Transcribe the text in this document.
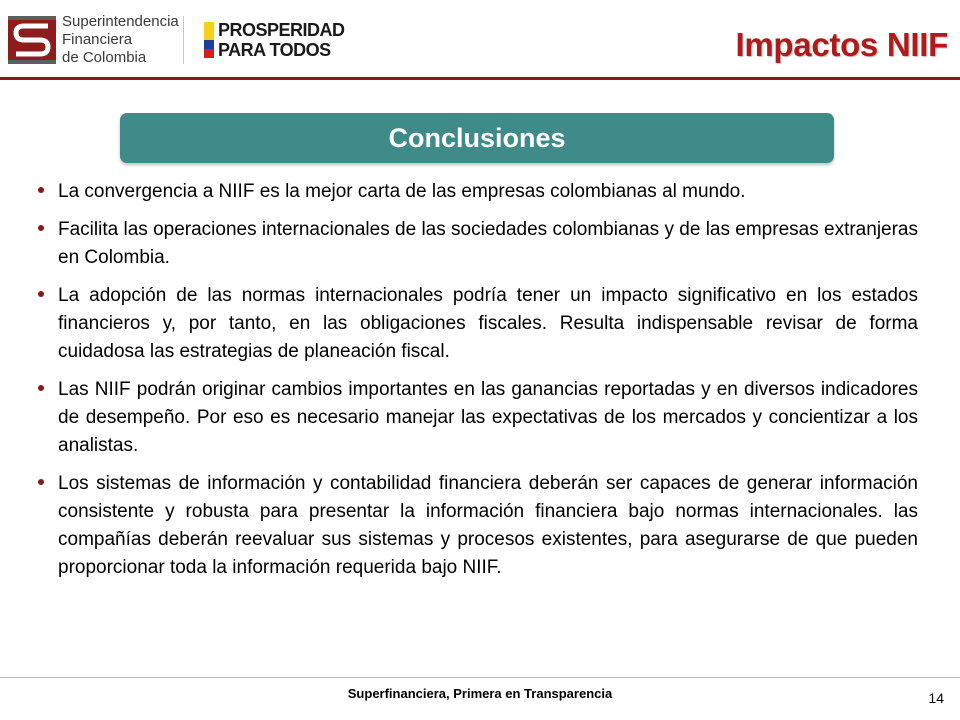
Superintendencia
Financiera
de Colombia
PROSPERIDAD
PARA TODOS	Impactos NIIF
Conclusiones
La convergencia a NIIF es la mejor carta de las empresas colombianas al mundo.
Facilita las operaciones internacionales de las sociedades colombianas y de las empresas extranjeras en Colombia.
La adopción de las normas internacionales podría tener un impacto significativo en los estados financieros y, por tanto, en las obligaciones fiscales. Resulta indispensable revisar de forma cuidadosa las estrategias de planeación fiscal.
Las NIIF podrán originar cambios importantes en las ganancias reportadas y en diversos indicadores de desempeño. Por eso es necesario manejar las expectativas de los mercados y concientizar a los analistas.
Los sistemas de información y contabilidad financiera deberán ser capaces de generar información consistente y robusta para presentar la información financiera bajo normas internacionales. las compañías deberán reevaluar sus sistemas y procesos existentes, para asegurarse de que pueden proporcionar toda la información requerida bajo NIIF.
Superfinanciera, Primera en Transparencia	14
